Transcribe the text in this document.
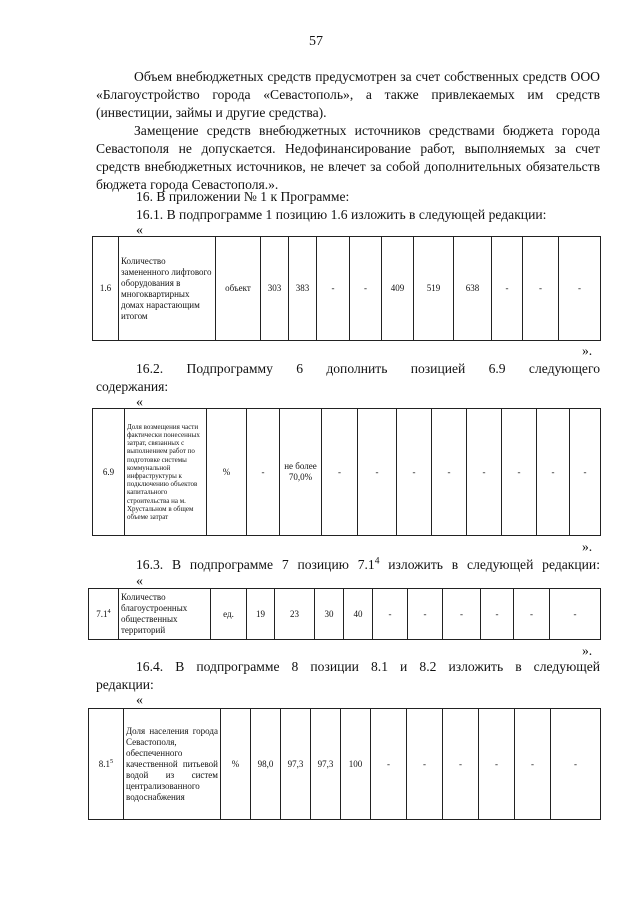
57
Объем внебюджетных средств предусмотрен за счет собственных средств ООО «Благоустройство города «Севастополь», а также привлекаемых им средств (инвестиции, займы и другие средства).
Замещение средств внебюджетных источников средствами бюджета города Севастополя не допускается. Недофинансирование работ, выполняемых за счет средств внебюджетных источников, не влечет за собой дополнительных обязательств бюджета города Севастополя.».
16. В приложении № 1 к Программе:
16.1. В подпрограмме 1 позицию 1.6 изложить в следующей редакции:
«
1.6	Количество замененного лифтового оборудования в многоквартирных домах нарастающим итогом	объект	303	383	-	-	409	519	638	-	-	-
».
16.2. Подпрограмму 6 дополнить позицией 6.9 следующего
содержания:
«
6.9	Доля возмещения части фактически понесенных затрат, связанных с выполнением работ по подготовке системы коммунальной инфраструктуры к подключению объектов капитального строительства на м. Хрустальном в общем объеме затрат	%	-	не более 70,0%	-	-	-	-	-	-	-	-
».
16.3. В подпрограмме 7 позицию $7.1^4$ изложить в следующей редакции:
«
$7.1^4$	Количество благоустроенных общественных территорий	ед.	19	23	30	40	-	-	-	-	-	-
».
16.4. В подпрограмме 8 позиции 8.1 и 8.2 изложить в следующей
редакции:
«
$8.1^5$	Доля населения города Севастополя, обеспеченного качественной питьевой водой из систем централизованного водоснабжения	%	98,0	97,3	97,3	100	-	-	-	-	-	-
